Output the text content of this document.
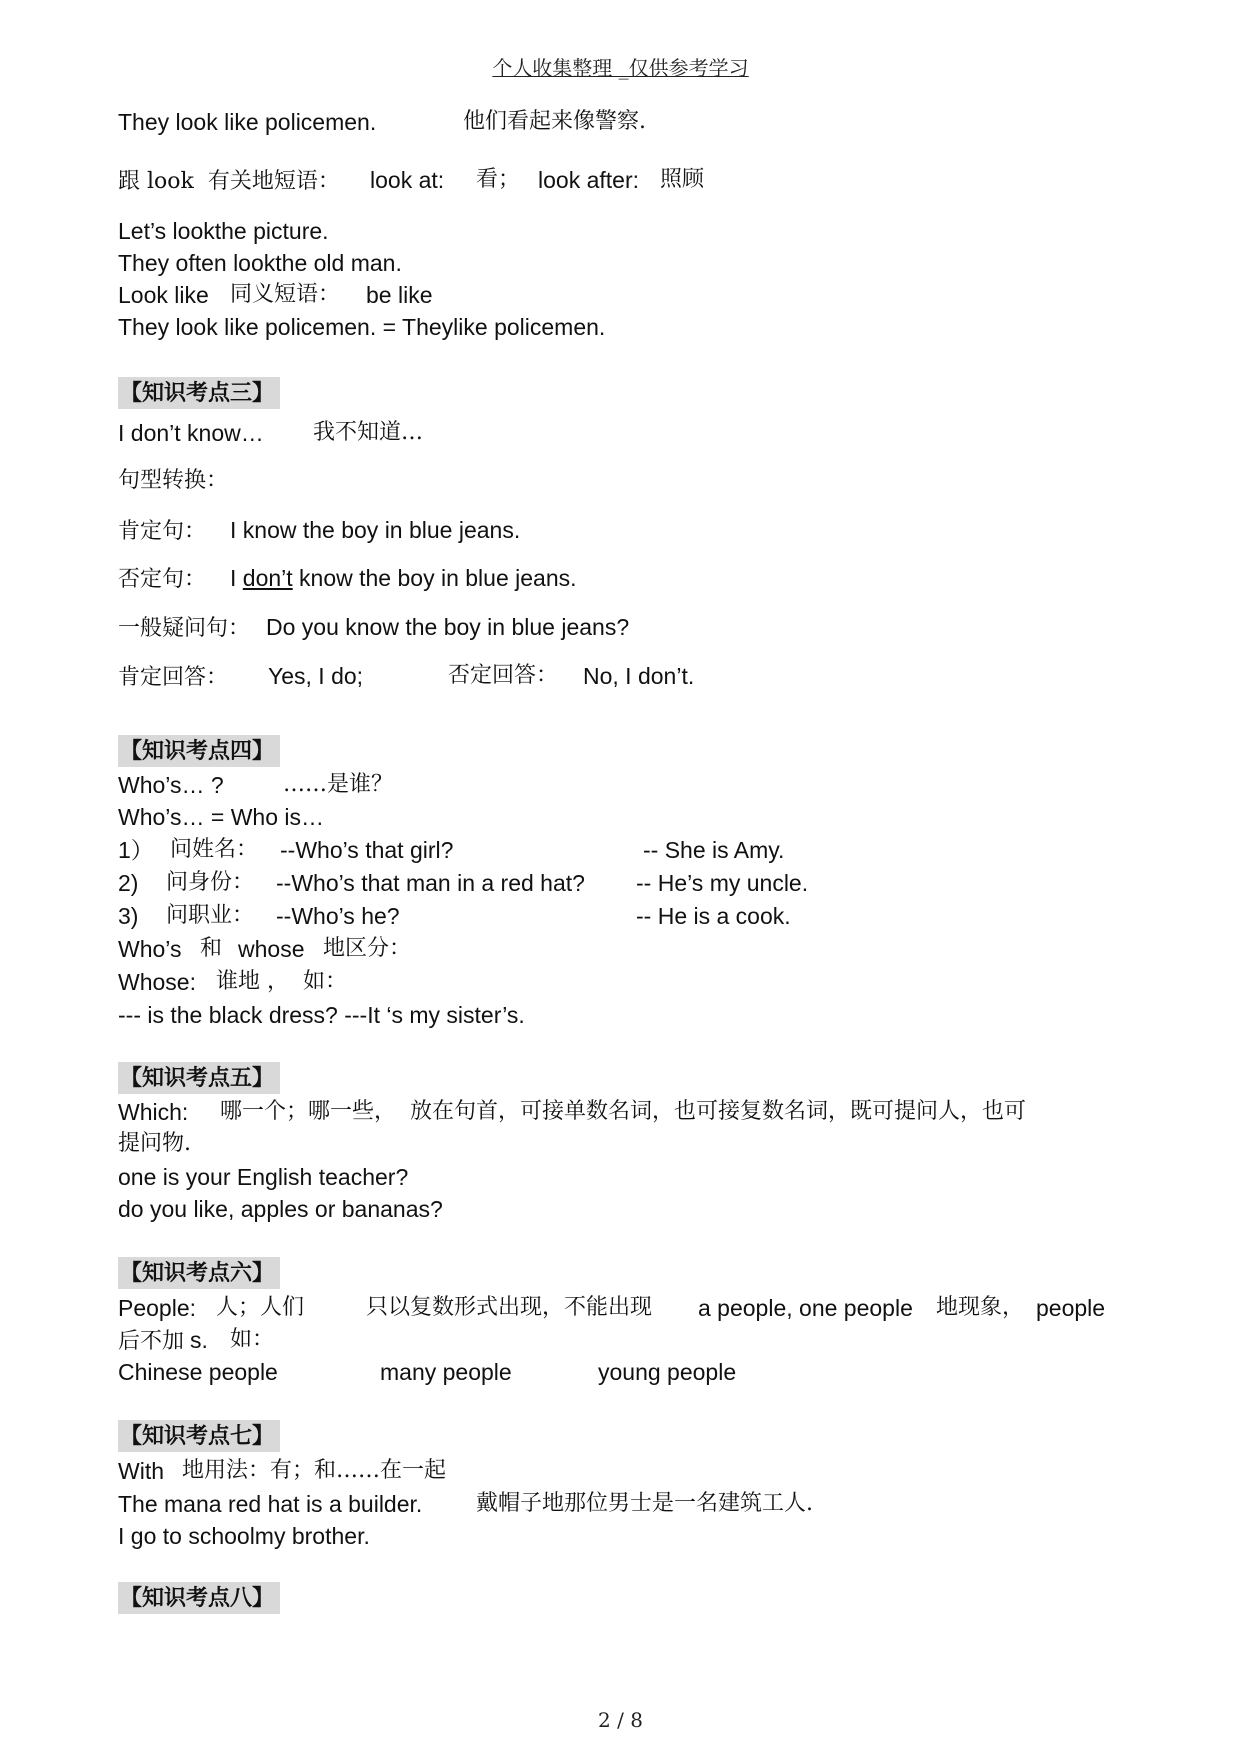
个人收集整理 _仅供参考学习
They look like policemen.	他们看起来像警察.
跟 look  有关地短语： look at: 看； look after: 照顾
Let’s lookthe picture.
They often lookthe old man.
Look like 同义短语： be like
They look like policemen. = Theylike policemen.
【知识考点三】
I don’t know… 我不知道…
句型转换：
肯定句： I know the boy in blue jeans.
否定句： I don’t know the boy in blue jeans.
一般疑问句： Do you know the boy in blue jeans?
肯定回答： Yes, I do;	否定回答： No, I don’t.
【知识考点四】
Who’s… ?	……是谁？
Who’s… = Who is…
1） 问姓名： --Who’s that girl?	-- She is Amy.
2) 问身份： --Who’s that man in a red hat? -- He’s my uncle.
3) 问职业： --Who’s he?	-- He is a cook.
Who’s 和 whose 地区分：
Whose: 谁地 ，  如：
--- is the black dress? ---It ‘s my sister’s.
【知识考点五】
Which: 哪一个；哪一些，  放在句首，可接单数名词，也可接复数名词，既可提问人，也可
提问物.
one is your English teacher?
do you like, apples or bananas?
【知识考点六】
People: 人；人们	只以复数形式出现，不能出现 a people, one people 地现象， people
后不加 s. 如：
Chinese people	many people	young people
【知识考点七】
With 地用法：有；和……在一起
The mana red hat is a builder. 戴帽子地那位男士是一名建筑工人.
I go to schoolmy brother.
【知识考点八】
2 / 8
